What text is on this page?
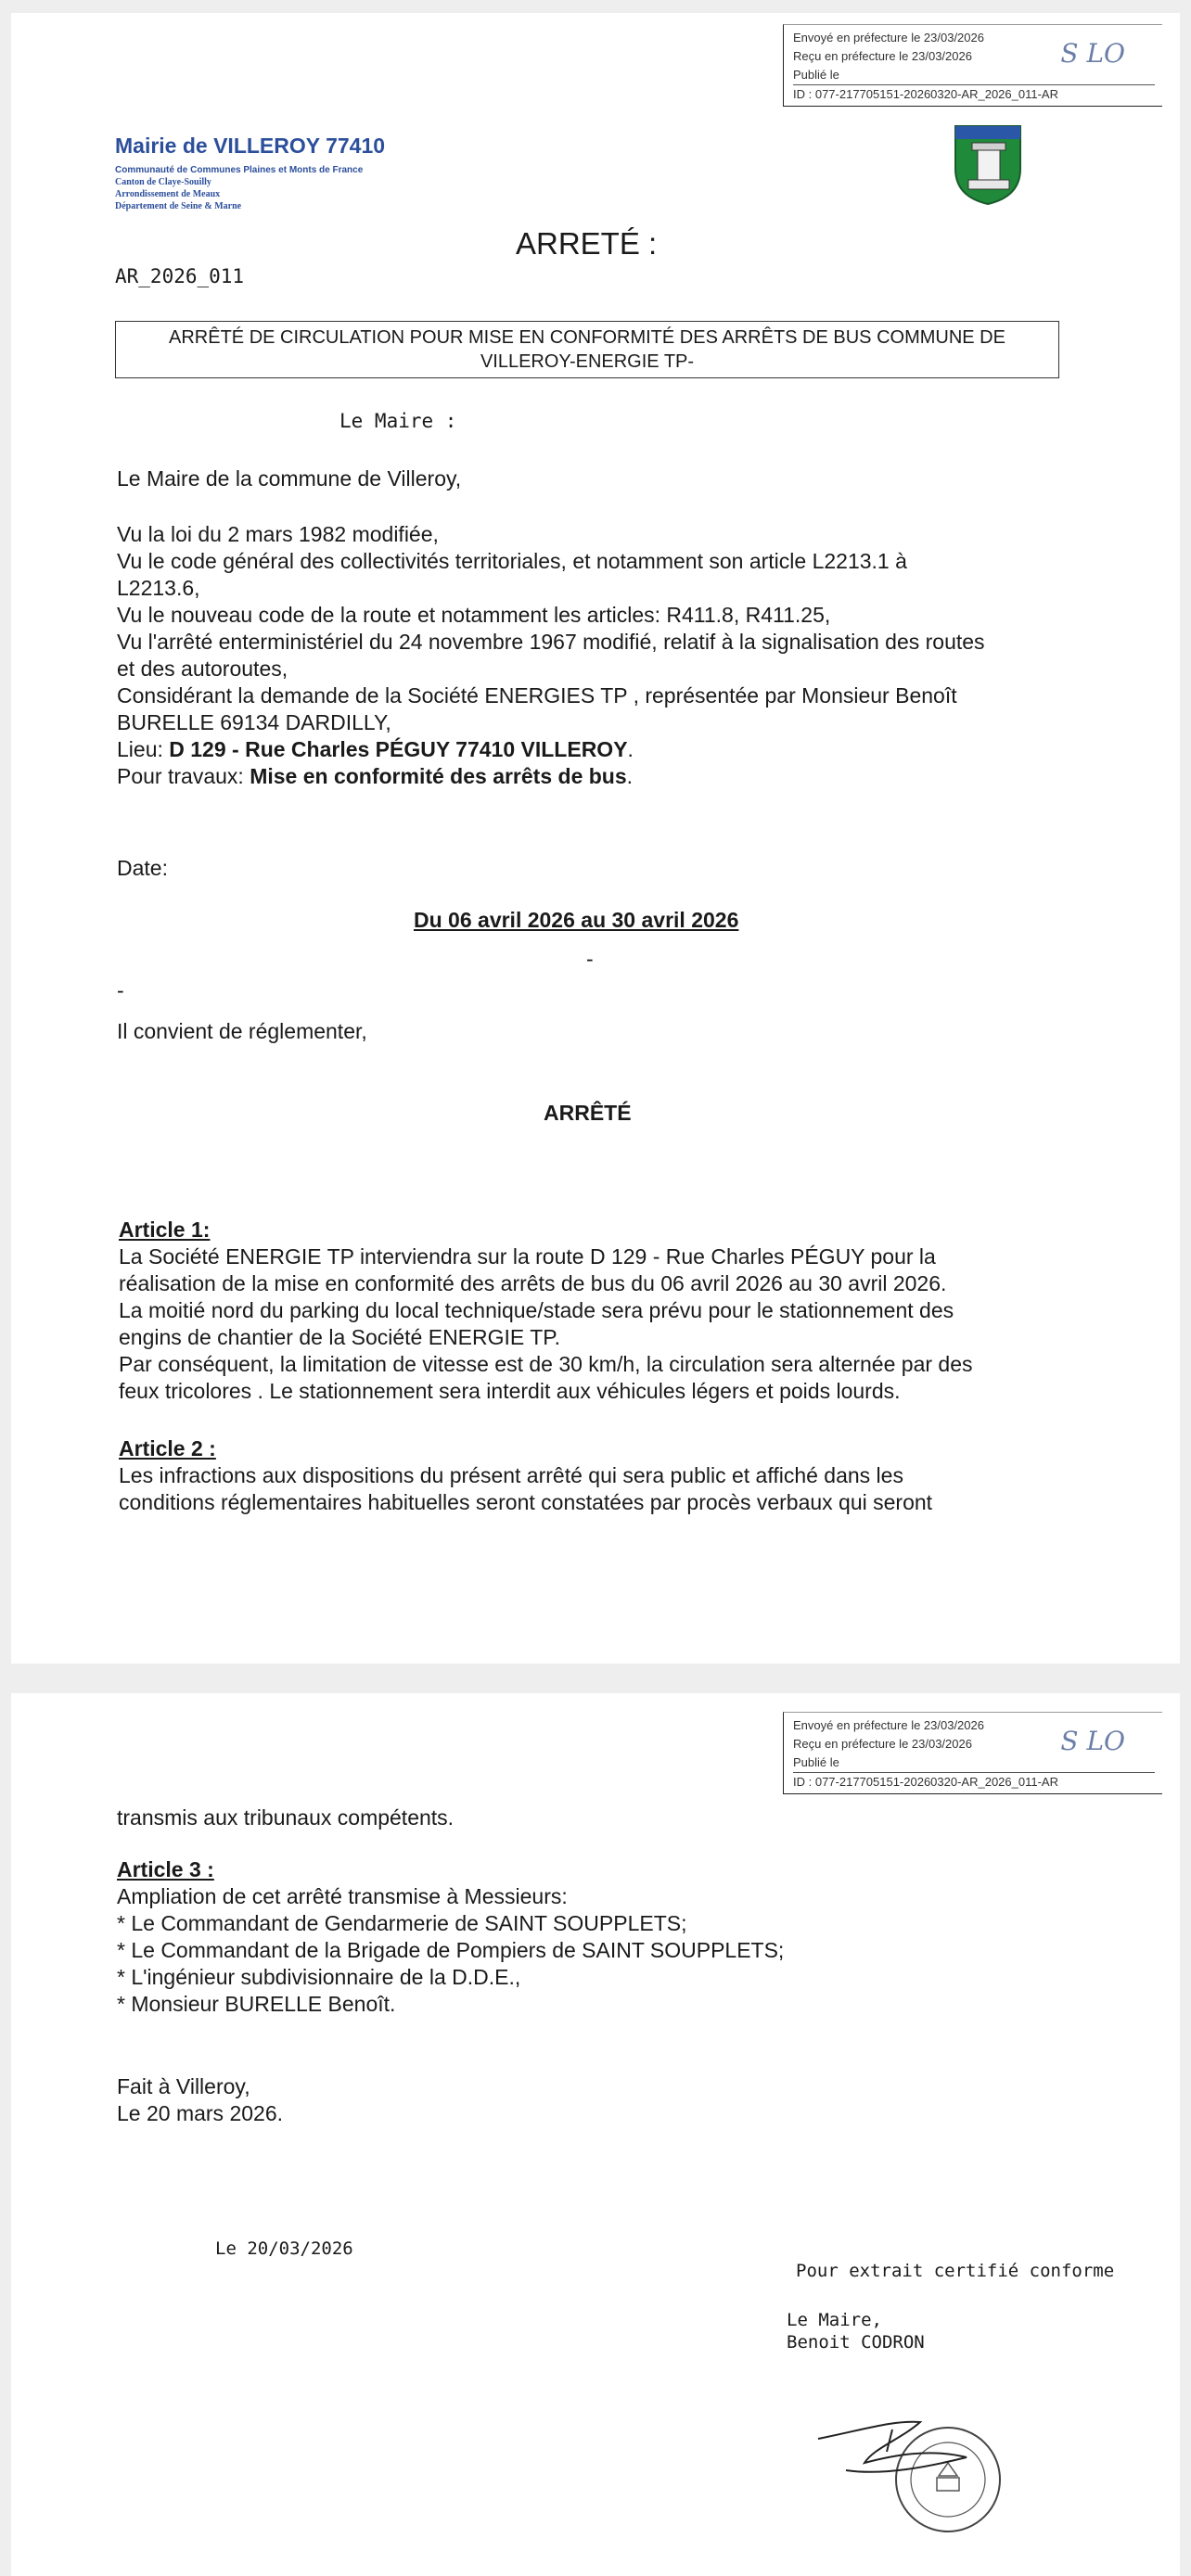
Envoyé en préfecture le 23/03/2026
Reçu en préfecture le 23/03/2026
Publié le
ID : 077-217705151-20260320-AR_2026_011-AR
S LO
Mairie de VILLEROY 77410
Communauté de Communes Plaines et Monts de France
Canton de Claye-Souilly
Arrondissement de Meaux
Département de Seine & Marne
ARRETÉ :
AR_2026_011
ARRÊTÉ DE CIRCULATION POUR MISE EN CONFORMITÉ DES ARRÊTS DE BUS COMMUNE DE
VILLEROY-ENERGIE TP-
Le Maire :
Le Maire de la commune de Villeroy,
Vu la loi du 2 mars 1982 modifiée,
Vu le code général des collectivités territoriales, et notamment son article L2213.1 à
L2213.6,
Vu le nouveau code de la route et notamment les articles: R411.8, R411.25,
Vu l'arrêté enterministériel du 24 novembre 1967 modifié, relatif à la signalisation des routes
et des autoroutes,
Considérant la demande de la Société ENERGIES TP , représentée par Monsieur Benoît
BURELLE 69134 DARDILLY,
Lieu: D 129 - Rue Charles PÉGUY 77410 VILLEROY.
Pour travaux: Mise en conformité des arrêts de bus.
Date:
Du 06 avril 2026 au 30 avril 2026
-
-
Il convient de réglementer,
ARRÊTÉ
Article 1:
La Société ENERGIE TP interviendra sur la route D 129 - Rue Charles PÉGUY pour la
réalisation de la mise en conformité des arrêts de bus du 06 avril 2026 au 30 avril 2026.
La moitié nord du parking du local technique/stade sera prévu pour le stationnement des
engins de chantier de la Société ENERGIE TP.
Par conséquent, la limitation de vitesse est de 30 km/h, la circulation sera alternée par des
feux tricolores . Le stationnement sera interdit aux véhicules légers et poids lourds.
Article 2 :
Les infractions aux dispositions du présent arrêté qui sera public et affiché dans les
conditions réglementaires habituelles seront constatées par procès verbaux qui seront
Envoyé en préfecture le 23/03/2026
Reçu en préfecture le 23/03/2026
Publié le
ID : 077-217705151-20260320-AR_2026_011-AR
S LO
transmis aux tribunaux compétents.
Article 3 :
Ampliation de cet arrêté transmise à Messieurs:
* Le Commandant de Gendarmerie de SAINT SOUPPLETS;
* Le Commandant de la Brigade de Pompiers de SAINT SOUPPLETS;
* L'ingénieur subdivisionnaire de la D.D.E.,
* Monsieur BURELLE Benoît.
Fait à Villeroy,
Le 20 mars 2026.
Le 20/03/2026
Pour extrait certifié conforme
Le Maire,
Benoit CODRON
